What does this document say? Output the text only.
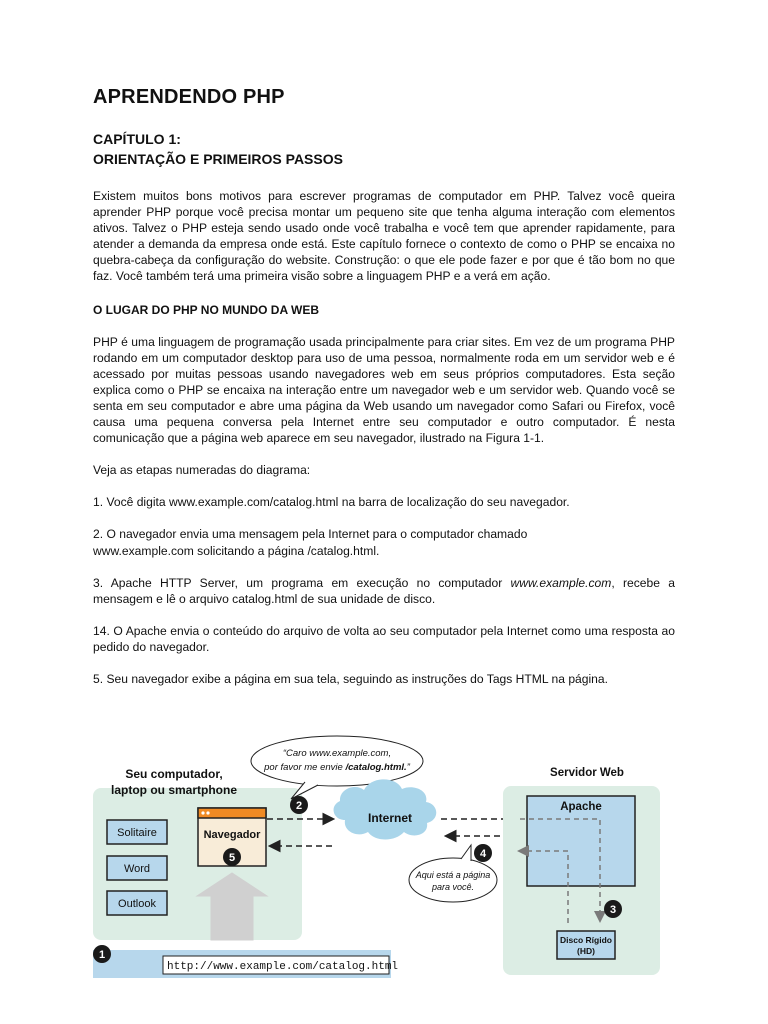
APRENDENDO PHP
CAPÍTULO 1:
ORIENTAÇÃO E PRIMEIROS PASSOS

Existem muitos bons motivos para escrever programas de computador em PHP. Talvez você queira aprender PHP porque você precisa montar um pequeno site que tenha alguma interação com elementos ativos. Talvez o PHP esteja sendo usado onde você trabalha e você tem que aprender rapidamente, para atender a demanda da empresa onde está. Este capítulo fornece o contexto de como o PHP se encaixa no quebra-cabeça da configuração do website. Construção: o que ele pode fazer e por que é tão bom no que faz. Você também terá uma primeira visão sobre a linguagem PHP e a verá em ação.

O LUGAR DO PHP NO MUNDO DA WEB

PHP é uma linguagem de programação usada principalmente para criar sites. Em vez de um programa PHP rodando em um computador desktop para uso de uma pessoa, normalmente roda em um servidor web e é acessado por muitas pessoas usando navegadores web em seus próprios computadores. Esta seção explica como o PHP se encaixa na interação entre um navegador web e um servidor web. Quando você se senta em seu computador e abre uma página da Web usando um navegador como Safari ou Firefox, você causa uma pequena conversa pela Internet entre seu computador e outro computador. É nesta comunicação que a página web aparece em seu navegador, ilustrado na Figura 1-1.

Veja as etapas numeradas do diagrama:

1. Você digita www.example.com/catalog.html na barra de localização do seu navegador.

2. O navegador envia uma mensagem pela Internet para o computador chamado
www.example.com solicitando a página /catalog.html.

3. Apache HTTP Server, um programa em execução no computador www.example.com, recebe a mensagem e lê o arquivo catalog.html de sua unidade de disco.

14. O Apache envia o conteúdo do arquivo de volta ao seu computador pela Internet como uma resposta ao pedido do navegador.

5. Seu navegador exibe a página em sua tela, seguindo as instruções do Tags HTML na página.

Seu computador,
laptop ou smartphone
Solitaire
Word
Outlook
Navegador
http://www.example.com/catalog.html
“Caro www.example.com,
por favor me envie /catalog.html.”
Internet
Aqui está a página
para você.
Servidor Web
Apache
Disco Rígido
(HD)
1
2
3
4
5
